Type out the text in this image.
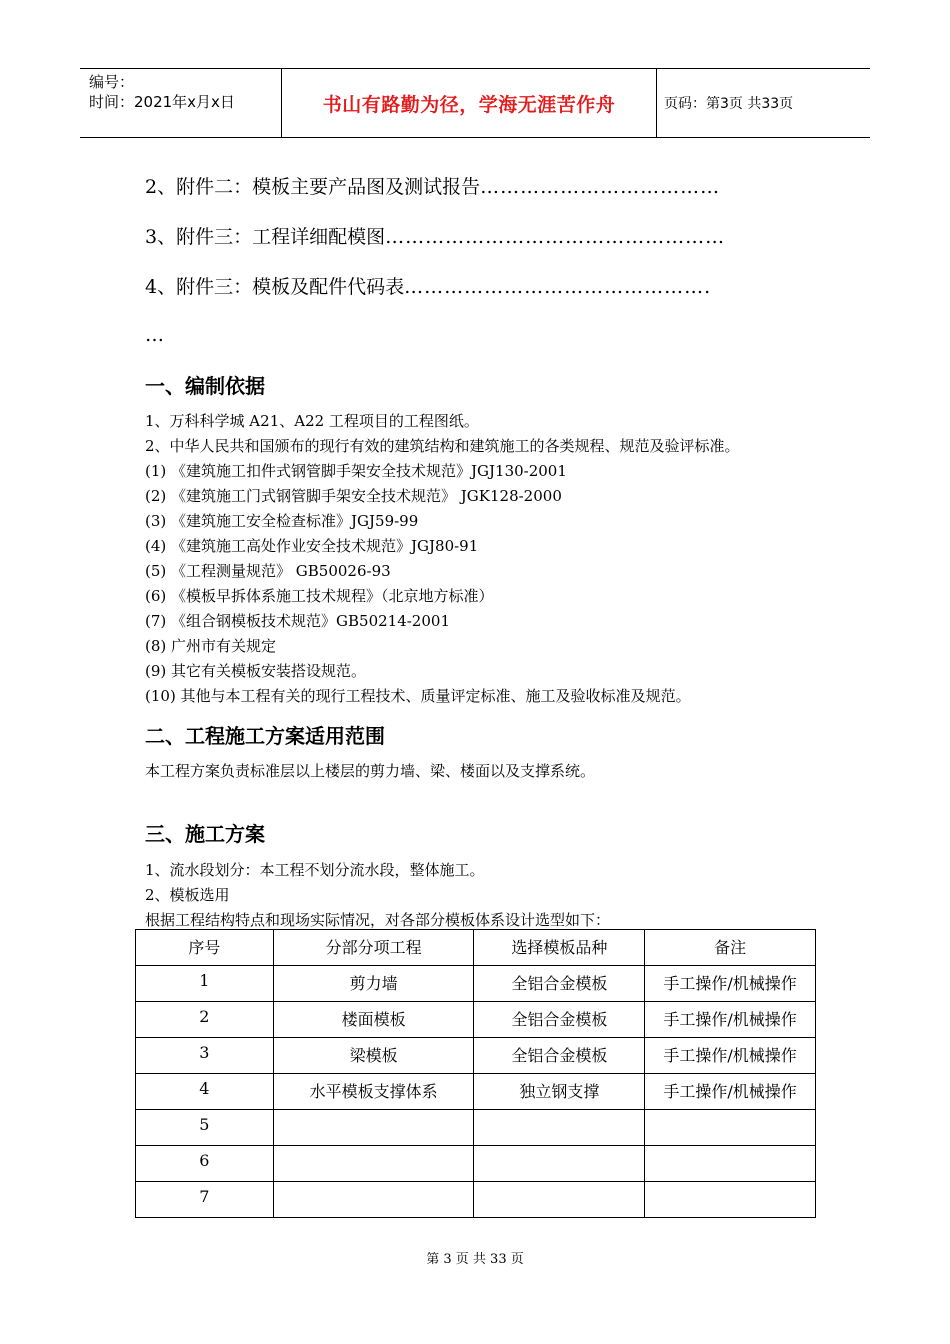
编号：
时间：2021年x月x日	书山有路勤为径，学海无涯苦作舟	页码：第3页 共33页
2、附件二：模板主要产品图及测试报告………………………………
3、附件三：工程详细配模图……………………………………………
4、附件三：模板及配件代码表……………………………………….
…
一、编制依据
1、万科科学城 A21、A22 工程项目的工程图纸。
2、中华人民共和国颁布的现行有效的建筑结构和建筑施工的各类规程、规范及验评标准。
(1) 《建筑施工扣件式钢管脚手架安全技术规范》JGJ130-2001
(2) 《建筑施工门式钢管脚手架安全技术规范》 JGK128-2000
(3) 《建筑施工安全检查标准》JGJ59-99
(4) 《建筑施工高处作业安全技术规范》JGJ80-91
(5) 《工程测量规范》 GB50026-93
(6) 《模板早拆体系施工技术规程》（北京地方标准）
(7) 《组合钢模板技术规范》GB50214-2001
(8) 广州市有关规定
(9) 其它有关模板安装搭设规范。
(10) 其他与本工程有关的现行工程技术、质量评定标准、施工及验收标准及规范。
二、工程施工方案适用范围
本工程方案负责标准层以上楼层的剪力墙、梁、楼面以及支撑系统。
三、施工方案
1、流水段划分：本工程不划分流水段，整体施工。
2、模板选用
根据工程结构特点和现场实际情况，对各部分模板体系设计选型如下：
序号	分部分项工程	选择模板品种	备注

1	剪力墙	全铝合金模板	手工操作/机械操作

2	楼面模板	全铝合金模板	手工操作/机械操作

3	梁模板	全铝合金模板	手工操作/机械操作

4	水平模板支撑体系	独立钢支撑	手工操作/机械操作

5			

6			

7			

第 3 页 共 33 页
